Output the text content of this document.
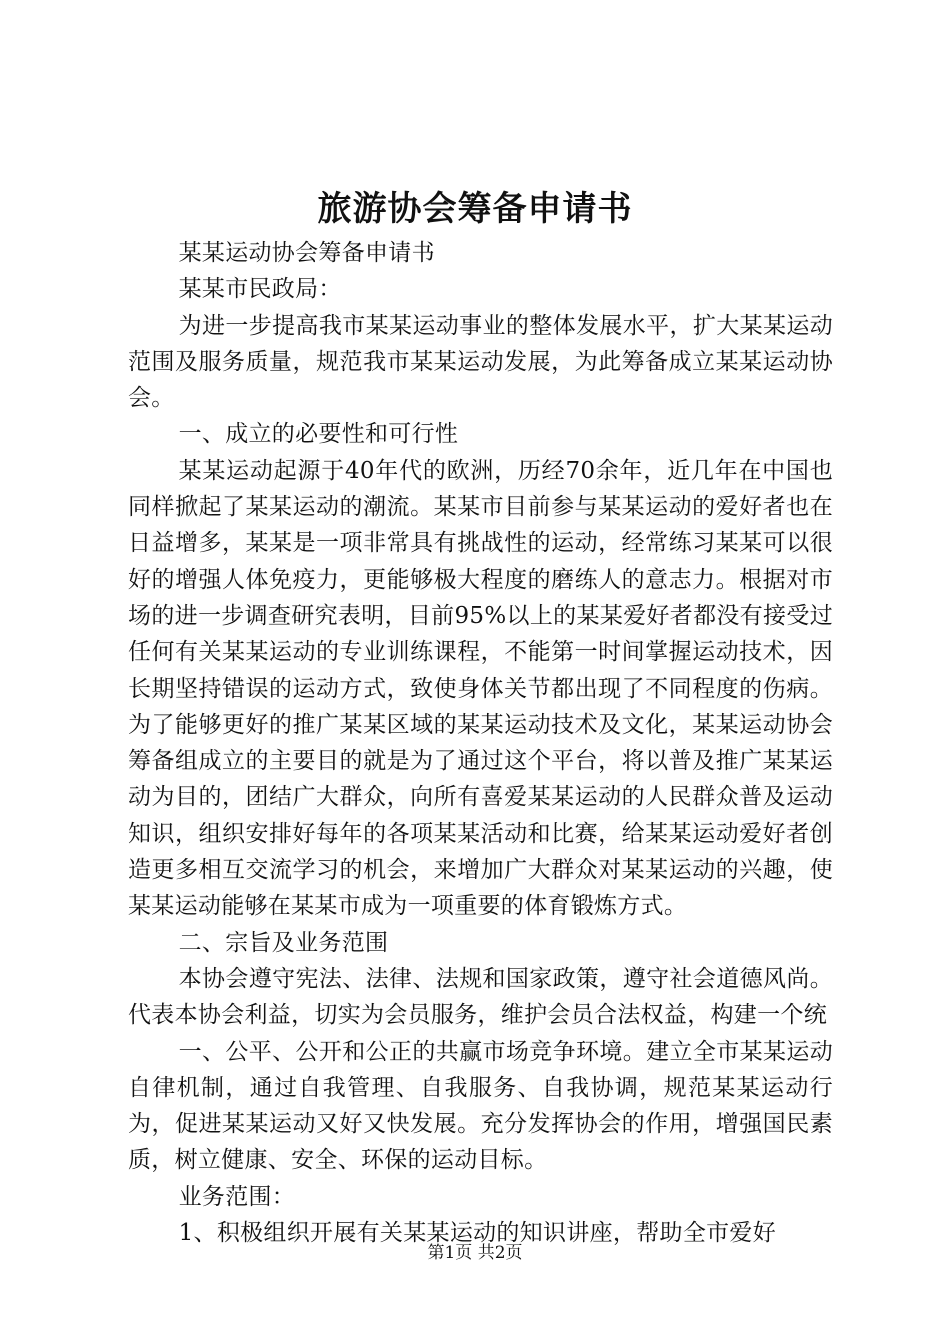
旅游协会筹备申请书

某某运动协会筹备申请书

某某市民政局：

为进一步提高我市某某运动事业的整体发展水平，扩大某某运动范围及服务质量，规范我市某某运动发展，为此筹备成立某某运动协会。

一、成立的必要性和可行性

某某运动起源于40年代的欧洲，历经70余年，近几年在中国也同样掀起了某某运动的潮流。某某市目前参与某某运动的爱好者也在日益增多，某某是一项非常具有挑战性的运动，经常练习某某可以很好的增强人体免疫力，更能够极大程度的磨练人的意志力。根据对市场的进一步调查研究表明，目前95%以上的某某爱好者都没有接受过任何有关某某运动的专业训练课程，不能第一时间掌握运动技术，因长期坚持错误的运动方式，致使身体关节都出现了不同程度的伤病。为了能够更好的推广某某区域的某某运动技术及文化，某某运动协会筹备组成立的主要目的就是为了通过这个平台，将以普及推广某某运动为目的，团结广大群众，向所有喜爱某某运动的人民群众普及运动知识，组织安排好每年的各项某某活动和比赛，给某某运动爱好者创造更多相互交流学习的机会，来增加广大群众对某某运动的兴趣，使某某运动能够在某某市成为一项重要的体育锻炼方式。

二、宗旨及业务范围

本协会遵守宪法、法律、法规和国家政策，遵守社会道德风尚。代表本协会利益，切实为会员服务，维护会员合法权益，构建一个统

一、公平、公开和公正的共赢市场竞争环境。建立全市某某运动自律机制，通过自我管理、自我服务、自我协调，规范某某运动行为，促进某某运动又好又快发展。充分发挥协会的作用，增强国民素质，树立健康、安全、环保的运动目标。

业务范围：

1、积极组织开展有关某某运动的知识讲座，帮助全市爱好

第1页 共2页
